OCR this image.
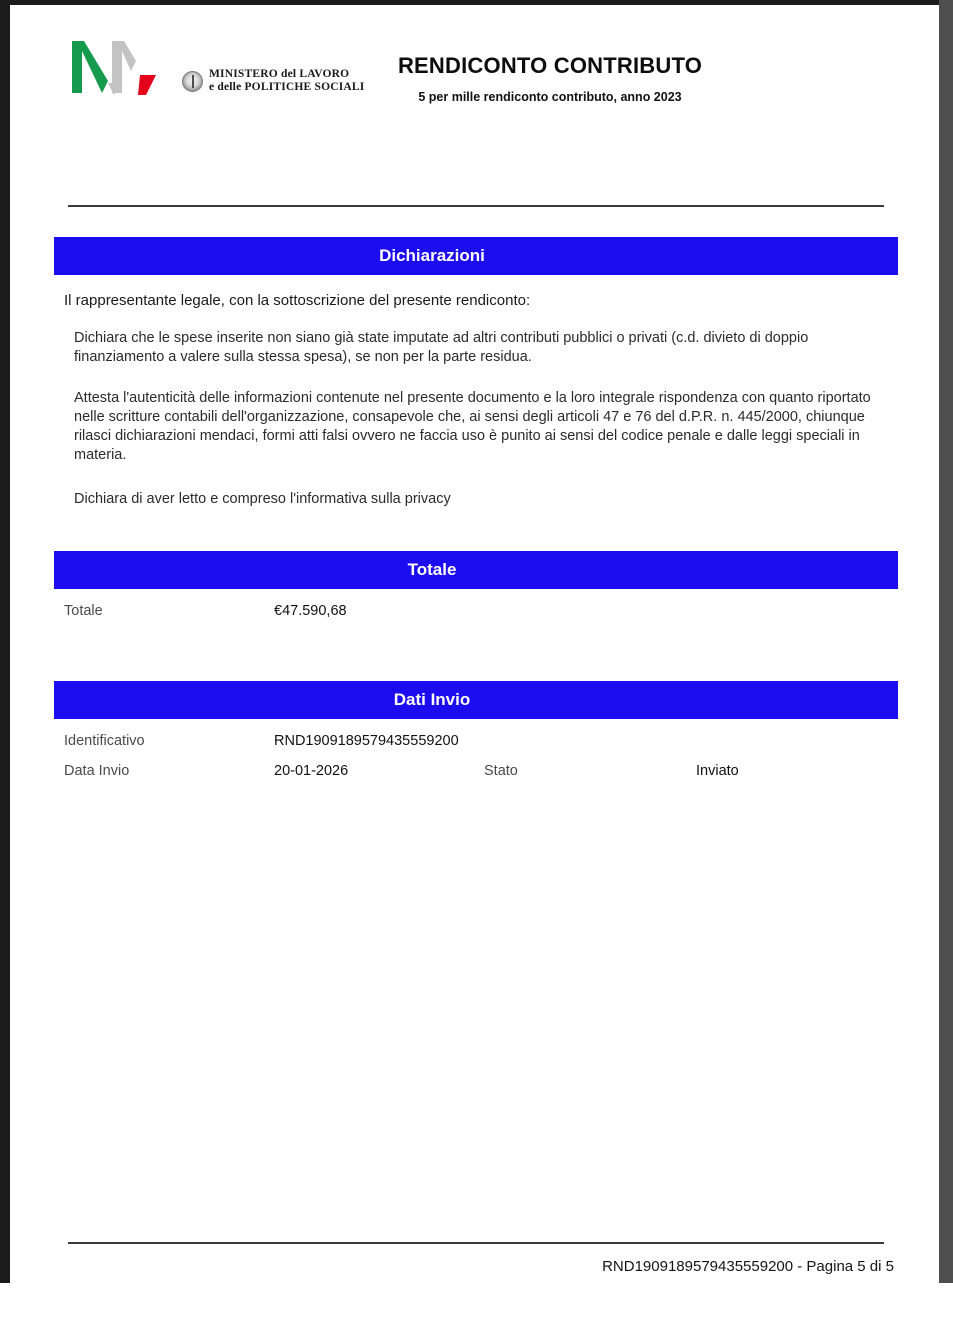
MINISTERO del LAVORO
e delle POLITICHE SOCIALI
RENDICONTO CONTRIBUTO
5 per mille rendiconto contributo, anno 2023
Dichiarazioni

Il rappresentante legale, con la sottoscrizione del presente rendiconto:

Dichiara che le spese inserite non siano già state imputate ad altri contributi pubblici o privati (c.d. divieto di doppio finanziamento a valere sulla stessa spesa), se non per la parte residua.

Attesta l'autenticità delle informazioni contenute nel presente documento e la loro integrale rispondenza con quanto riportato nelle scritture contabili dell'organizzazione, consapevole che, ai sensi degli articoli 47 e 76 del d.P.R. n. 445/2000, chiunque rilasci dichiarazioni mendaci, formi atti falsi ovvero ne faccia uso è punito ai sensi del codice penale e dalle leggi speciali in materia.

Dichiara di aver letto e compreso l'informativa sulla privacy

Totale
Totale	€47.590,68
Dati Invio
Identificativo	RND1909189579435559200
Data Invio	20-01-2026	Stato	Inviato
RND1909189579435559200 - Pagina 5 di 5
